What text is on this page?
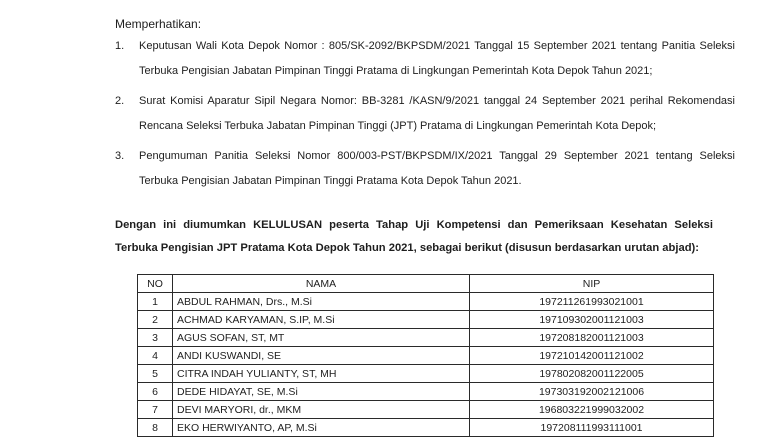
Memperhatikan:
1. Keputusan Wali Kota Depok Nomor : 805/SK-2092/BKPSDM/2021 Tanggal 15 September 2021 tentang Panitia Seleksi Terbuka Pengisian Jabatan Pimpinan Tinggi Pratama di Lingkungan Pemerintah Kota Depok Tahun 2021;
2. Surat Komisi Aparatur Sipil Negara Nomor: BB-3281 /KASN/9/2021 tanggal 24 September 2021 perihal Rekomendasi Rencana Seleksi Terbuka Jabatan Pimpinan Tinggi (JPT) Pratama di Lingkungan Pemerintah Kota Depok;
3. Pengumuman Panitia Seleksi Nomor 800/003-PST/BKPSDM/IX/2021 Tanggal 29 September 2021 tentang Seleksi Terbuka Pengisian Jabatan Pimpinan Tinggi Pratama Kota Depok Tahun 2021.
Dengan ini diumumkan KELULUSAN peserta Tahap Uji Kompetensi dan Pemeriksaan Kesehatan Seleksi Terbuka Pengisian JPT Pratama Kota Depok Tahun 2021, sebagai berikut (disusun berdasarkan urutan abjad):
NO	NAMA	NIP
1	ABDUL RAHMAN, Drs., M.Si	197211261993021001
2	ACHMAD KARYAMAN, S.IP, M.Si	197109302001121003
3	AGUS SOFAN, ST, MT	197208182001121003
4	ANDI KUSWANDI, SE	197210142001121002
5	CITRA INDAH YULIANTY, ST, MH	197802082001122005
6	DEDE HIDAYAT, SE, M.Si	197303192002121006
7	DEVI MARYORI, dr., MKM	196803221999032002
8	EKO HERWIYANTO, AP, M.Si	197208111993111001
